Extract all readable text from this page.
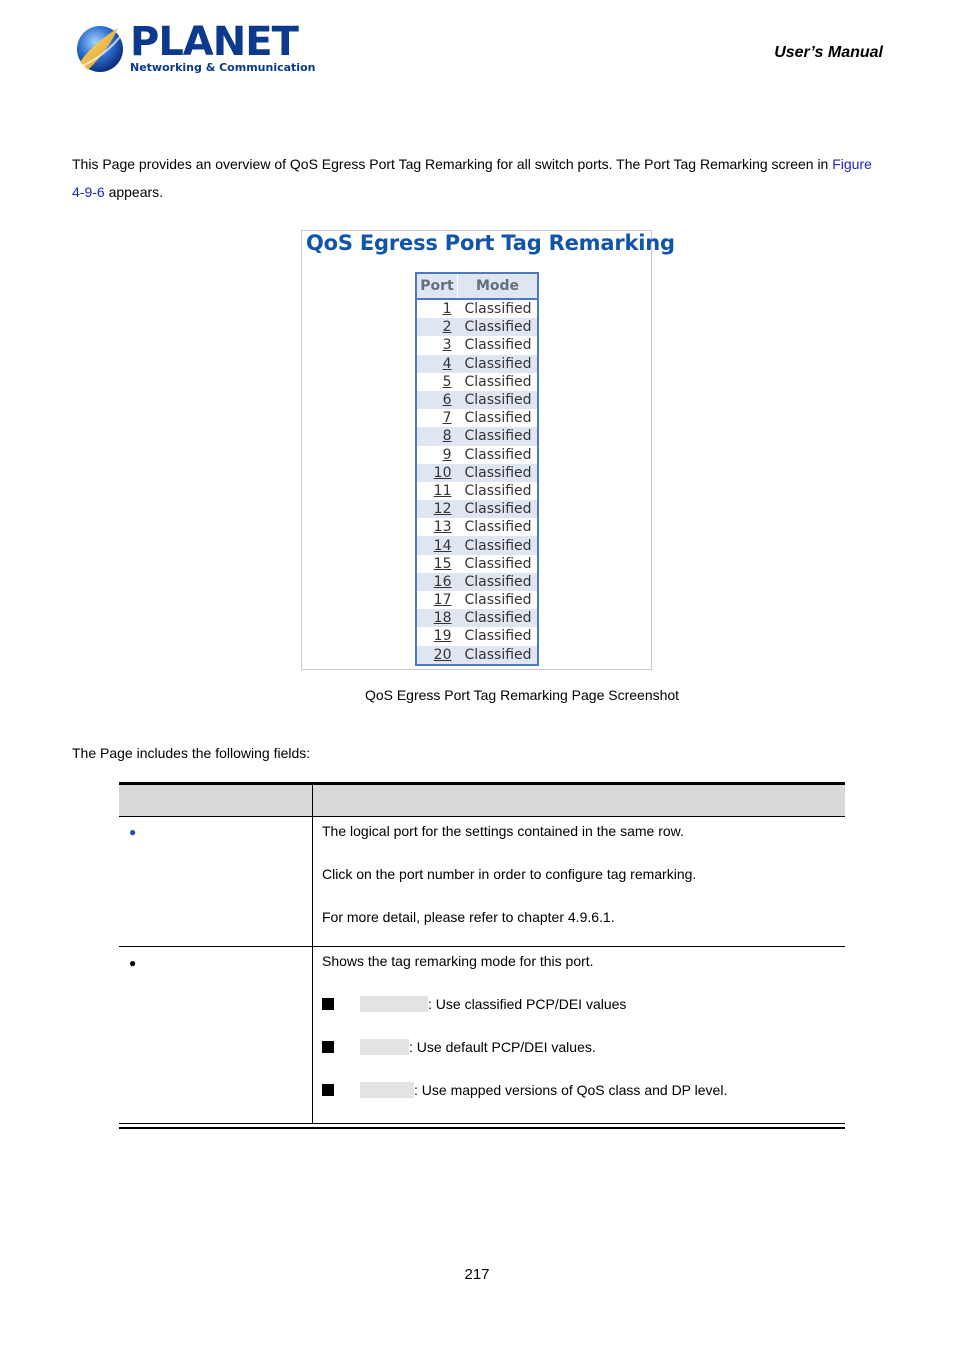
PLANET
Networking & Communication
User’s Manual
This Page provides an overview of QoS Egress Port Tag Remarking for all switch ports. The Port Tag Remarking screen in Figure 4-9-6 appears.
QoS Egress Port Tag Remarking
Port	Mode
1	Classified
2	Classified
3	Classified
4	Classified
5	Classified
6	Classified
7	Classified
8	Classified
9	Classified
10	Classified
11	Classified
12	Classified
13	Classified
14	Classified
15	Classified
16	Classified
17	Classified
18	Classified
19	Classified
20	Classified
QoS Egress Port Tag Remarking Page Screenshot
The Page includes the following fields:
●	The logical port for the settings contained in the same row.

Click on the port number in order to configure tag remarking.

For more detail, please refer to chapter 4.9.6.1.

●	Shows the tag remarking mode for this port.

: Use classified PCP/DEI values

: Use default PCP/DEI values.

: Use mapped versions of QoS class and DP level.

217
